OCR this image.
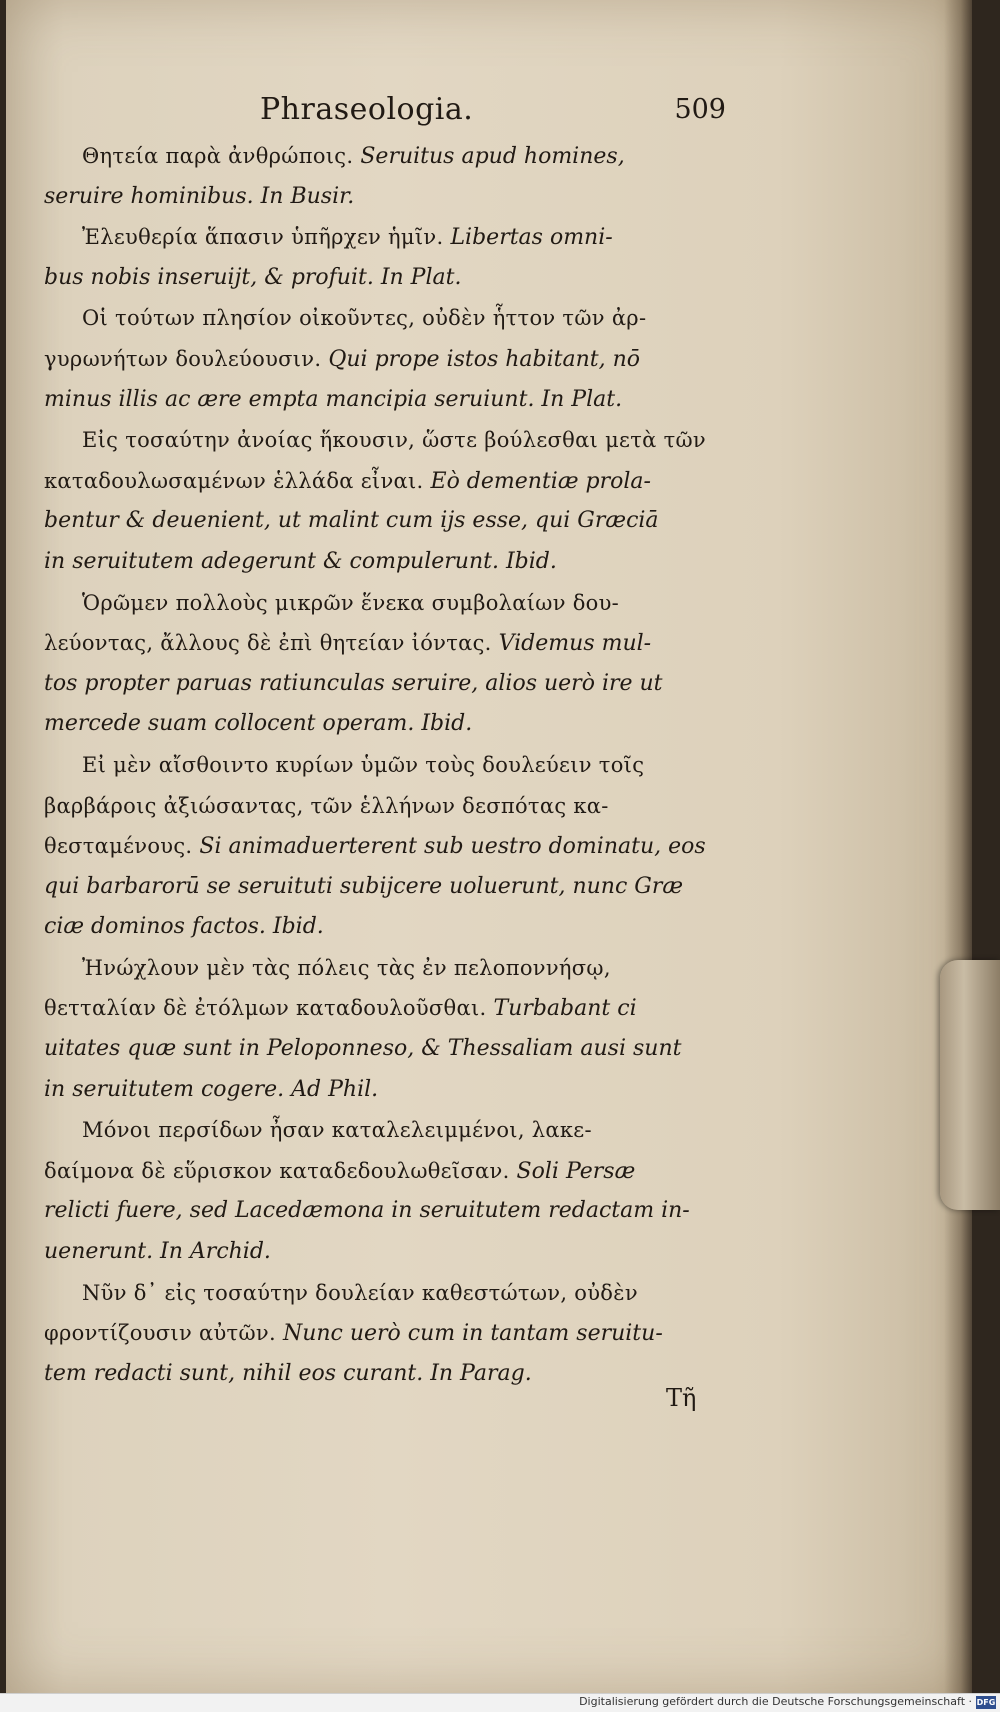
Phraseologia.	509
Θητεία παρὰ ἀνθρώποις. Seruitus apud homines,
seruire hominibus. In Busir.
Ἐλευθερία ἅπασιν ὑπῆρχεν ἡμῖν. Libertas omni-
bus nobis inseruijt, & profuit. In Plat.
Οἱ τούτων πλησίον οἰκοῦντες, οὐδὲν ἧττον τῶν ἀρ-
γυρωνήτων δουλεύουσιν. Qui prope istos habitant, nō
minus illis ac ære empta mancipia seruiunt. In Plat.
Εἰς τοσαύτην ἀνοίας ἥκουσιν, ὥστε βούλεσθαι μετὰ τῶν
καταδουλωσαμένων ἑλλάδα εἶναι. Eò dementiæ prola-
bentur & deuenient, ut malint cum ijs esse, qui Græciā
in seruitutem adegerunt & compulerunt. Ibid.
Ὁρῶμεν πολλοὺς μικρῶν ἕνεκα συμβολαίων δου-
λεύοντας, ἄλλους δὲ ἐπὶ θητείαν ἰόντας. Videmus mul-
tos propter paruas ratiunculas seruire, alios uerò ire ut
mercede suam collocent operam. Ibid.
Εἰ μὲν αἴσθοιντο κυρίων ὑμῶν τοὺς δουλεύειν τοῖς
βαρβάροις ἀξιώσαντας, τῶν ἑλλήνων δεσπότας κα-
θεσταμένους. Si animaduerterent sub uestro dominatu, eos
qui barbarorū se seruituti subijcere uoluerunt, nunc Græ
ciæ dominos factos. Ibid.
Ἠνώχλουν μὲν τὰς πόλεις τὰς ἐν πελοποννήσῳ,
θετταλίαν δὲ ἐτόλμων καταδουλοῦσθαι. Turbabant ci
uitates quæ sunt in Peloponneso, & Thessaliam ausi sunt
in seruitutem cogere. Ad Phil.
Μόνοι περσίδων ἦσαν καταλελειμμένοι, λακε-
δαίμονα δὲ εὕρισκον καταδεδουλωθεῖσαν. Soli Persæ
relicti fuere, sed Lacedæmona in seruitutem redactam in-
uenerunt. In Archid.
Νῦν δ᾽ εἰς τοσαύτην δουλείαν καθεστώτων, οὐδὲν
φροντίζουσιν αὐτῶν. Nunc uerò cum in tantam seruitu-
tem redacti sunt, nihil eos curant. In Parag.
Τῆ
Digitalisierung gefördert durch die Deutsche Forschungsgemeinschaft · DFG
